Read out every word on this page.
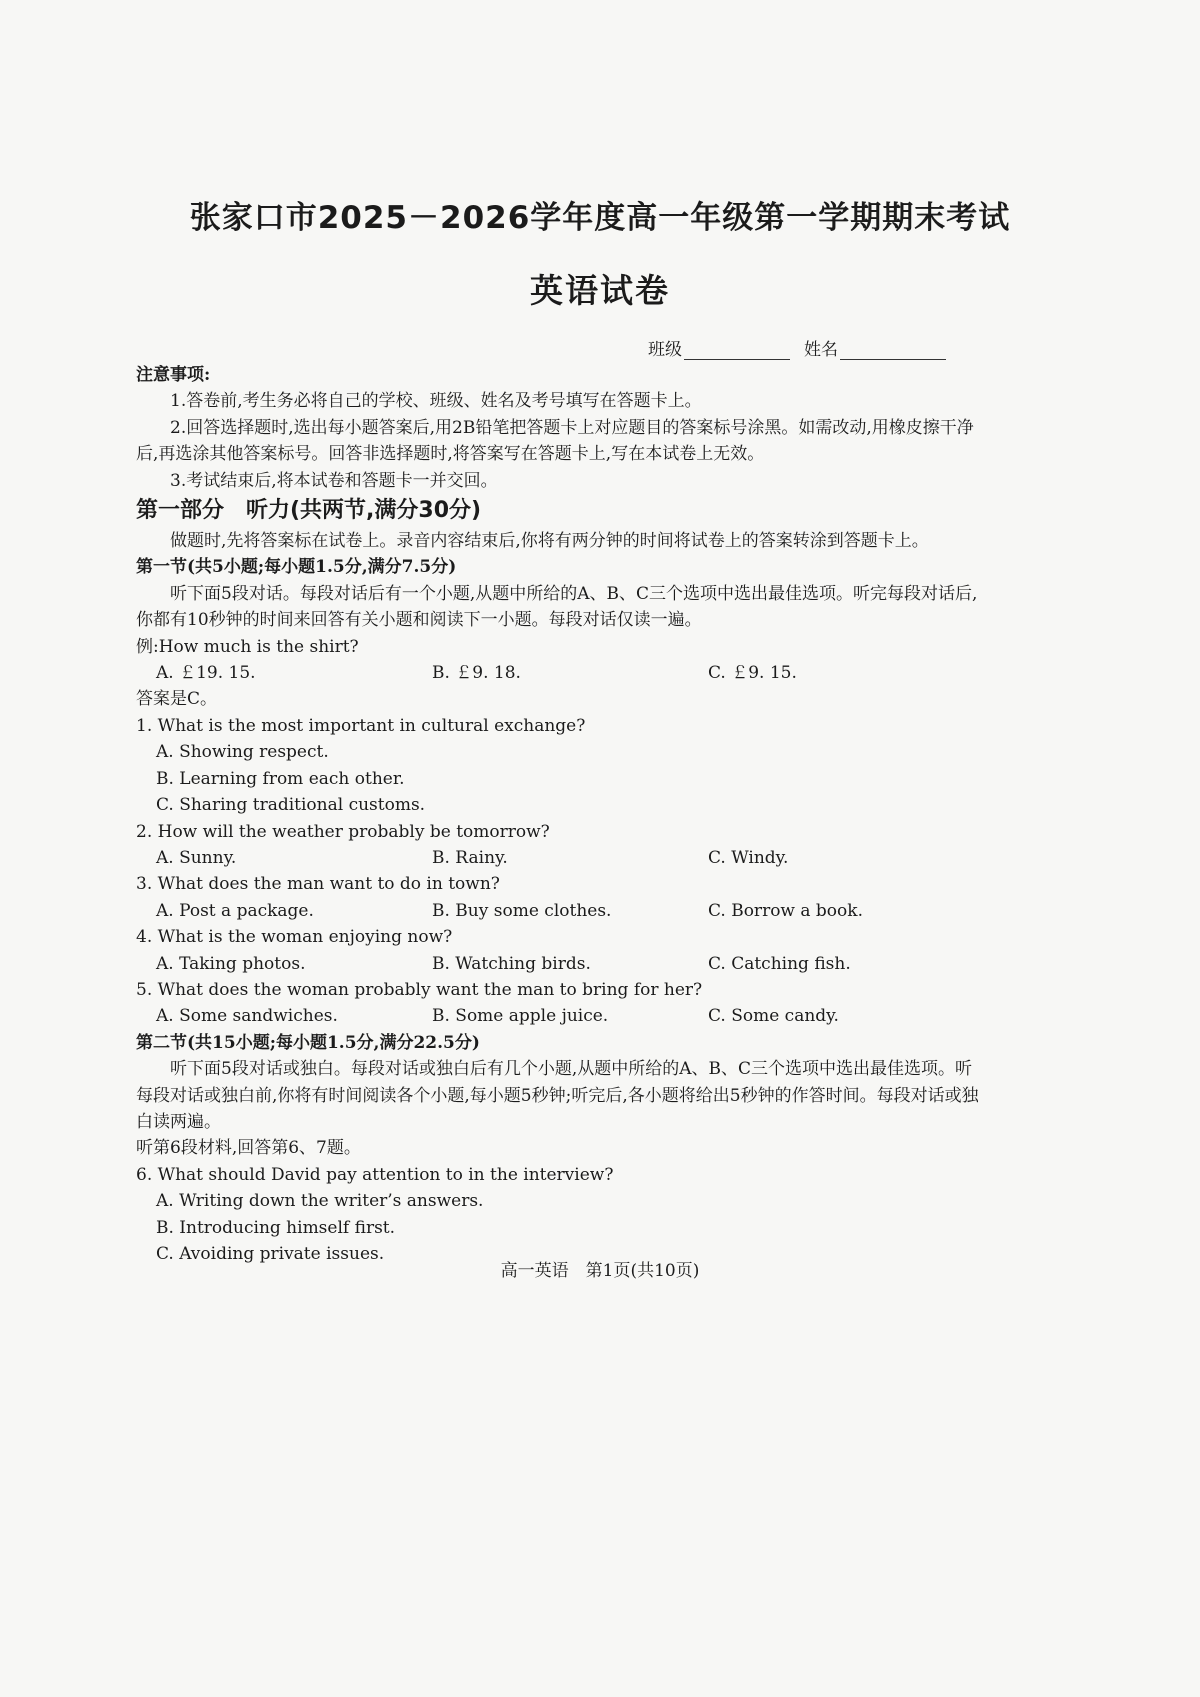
张家口市2025－2026学年度高一年级第一学期期末考试
英语试卷
班级	姓名

注意事项:

1.答卷前,考生务必将自己的学校、班级、姓名及考号填写在答题卡上。

2.回答选择题时,选出每小题答案后,用2B铅笔把答题卡上对应题目的答案标号涂黑。如需改动,用橡皮擦干净后,再选涂其他答案标号。回答非选择题时,将答案写在答题卡上,写在本试卷上无效。

3.考试结束后,将本试卷和答题卡一并交回。

第一部分　听力(共两节,满分30分)

做题时,先将答案标在试卷上。录音内容结束后,你将有两分钟的时间将试卷上的答案转涂到答题卡上。

第一节(共5小题;每小题1.5分,满分7.5分)

听下面5段对话。每段对话后有一个小题,从题中所给的A、B、C三个选项中选出最佳选项。听完每段对话后,你都有10秒钟的时间来回答有关小题和阅读下一小题。每段对话仅读一遍。

例:How much is the shirt?

A. ￡19. 15.	B. ￡9. 18.	C. ￡9. 15.

答案是C。

1. What is the most important in cultural exchange?

A. Showing respect.

B. Learning from each other.

C. Sharing traditional customs.

2. How will the weather probably be tomorrow?

A. Sunny.	B. Rainy.	C. Windy.

3. What does the man want to do in town?

A. Post a package.	B. Buy some clothes.	C. Borrow a book.

4. What is the woman enjoying now?

A. Taking photos.	B. Watching birds.	C. Catching fish.

5. What does the woman probably want the man to bring for her?

A. Some sandwiches.	B. Some apple juice.	C. Some candy.

第二节(共15小题;每小题1.5分,满分22.5分)

听下面5段对话或独白。每段对话或独白后有几个小题,从题中所给的A、B、C三个选项中选出最佳选项。听每段对话或独白前,你将有时间阅读各个小题,每小题5秒钟;听完后,各小题将给出5秒钟的作答时间。每段对话或独白读两遍。

听第6段材料,回答第6、7题。

6. What should David pay attention to in the interview?

A. Writing down the writer’s answers.

B. Introducing himself first.

C. Avoiding private issues.

高一英语　第1页(共10页)
